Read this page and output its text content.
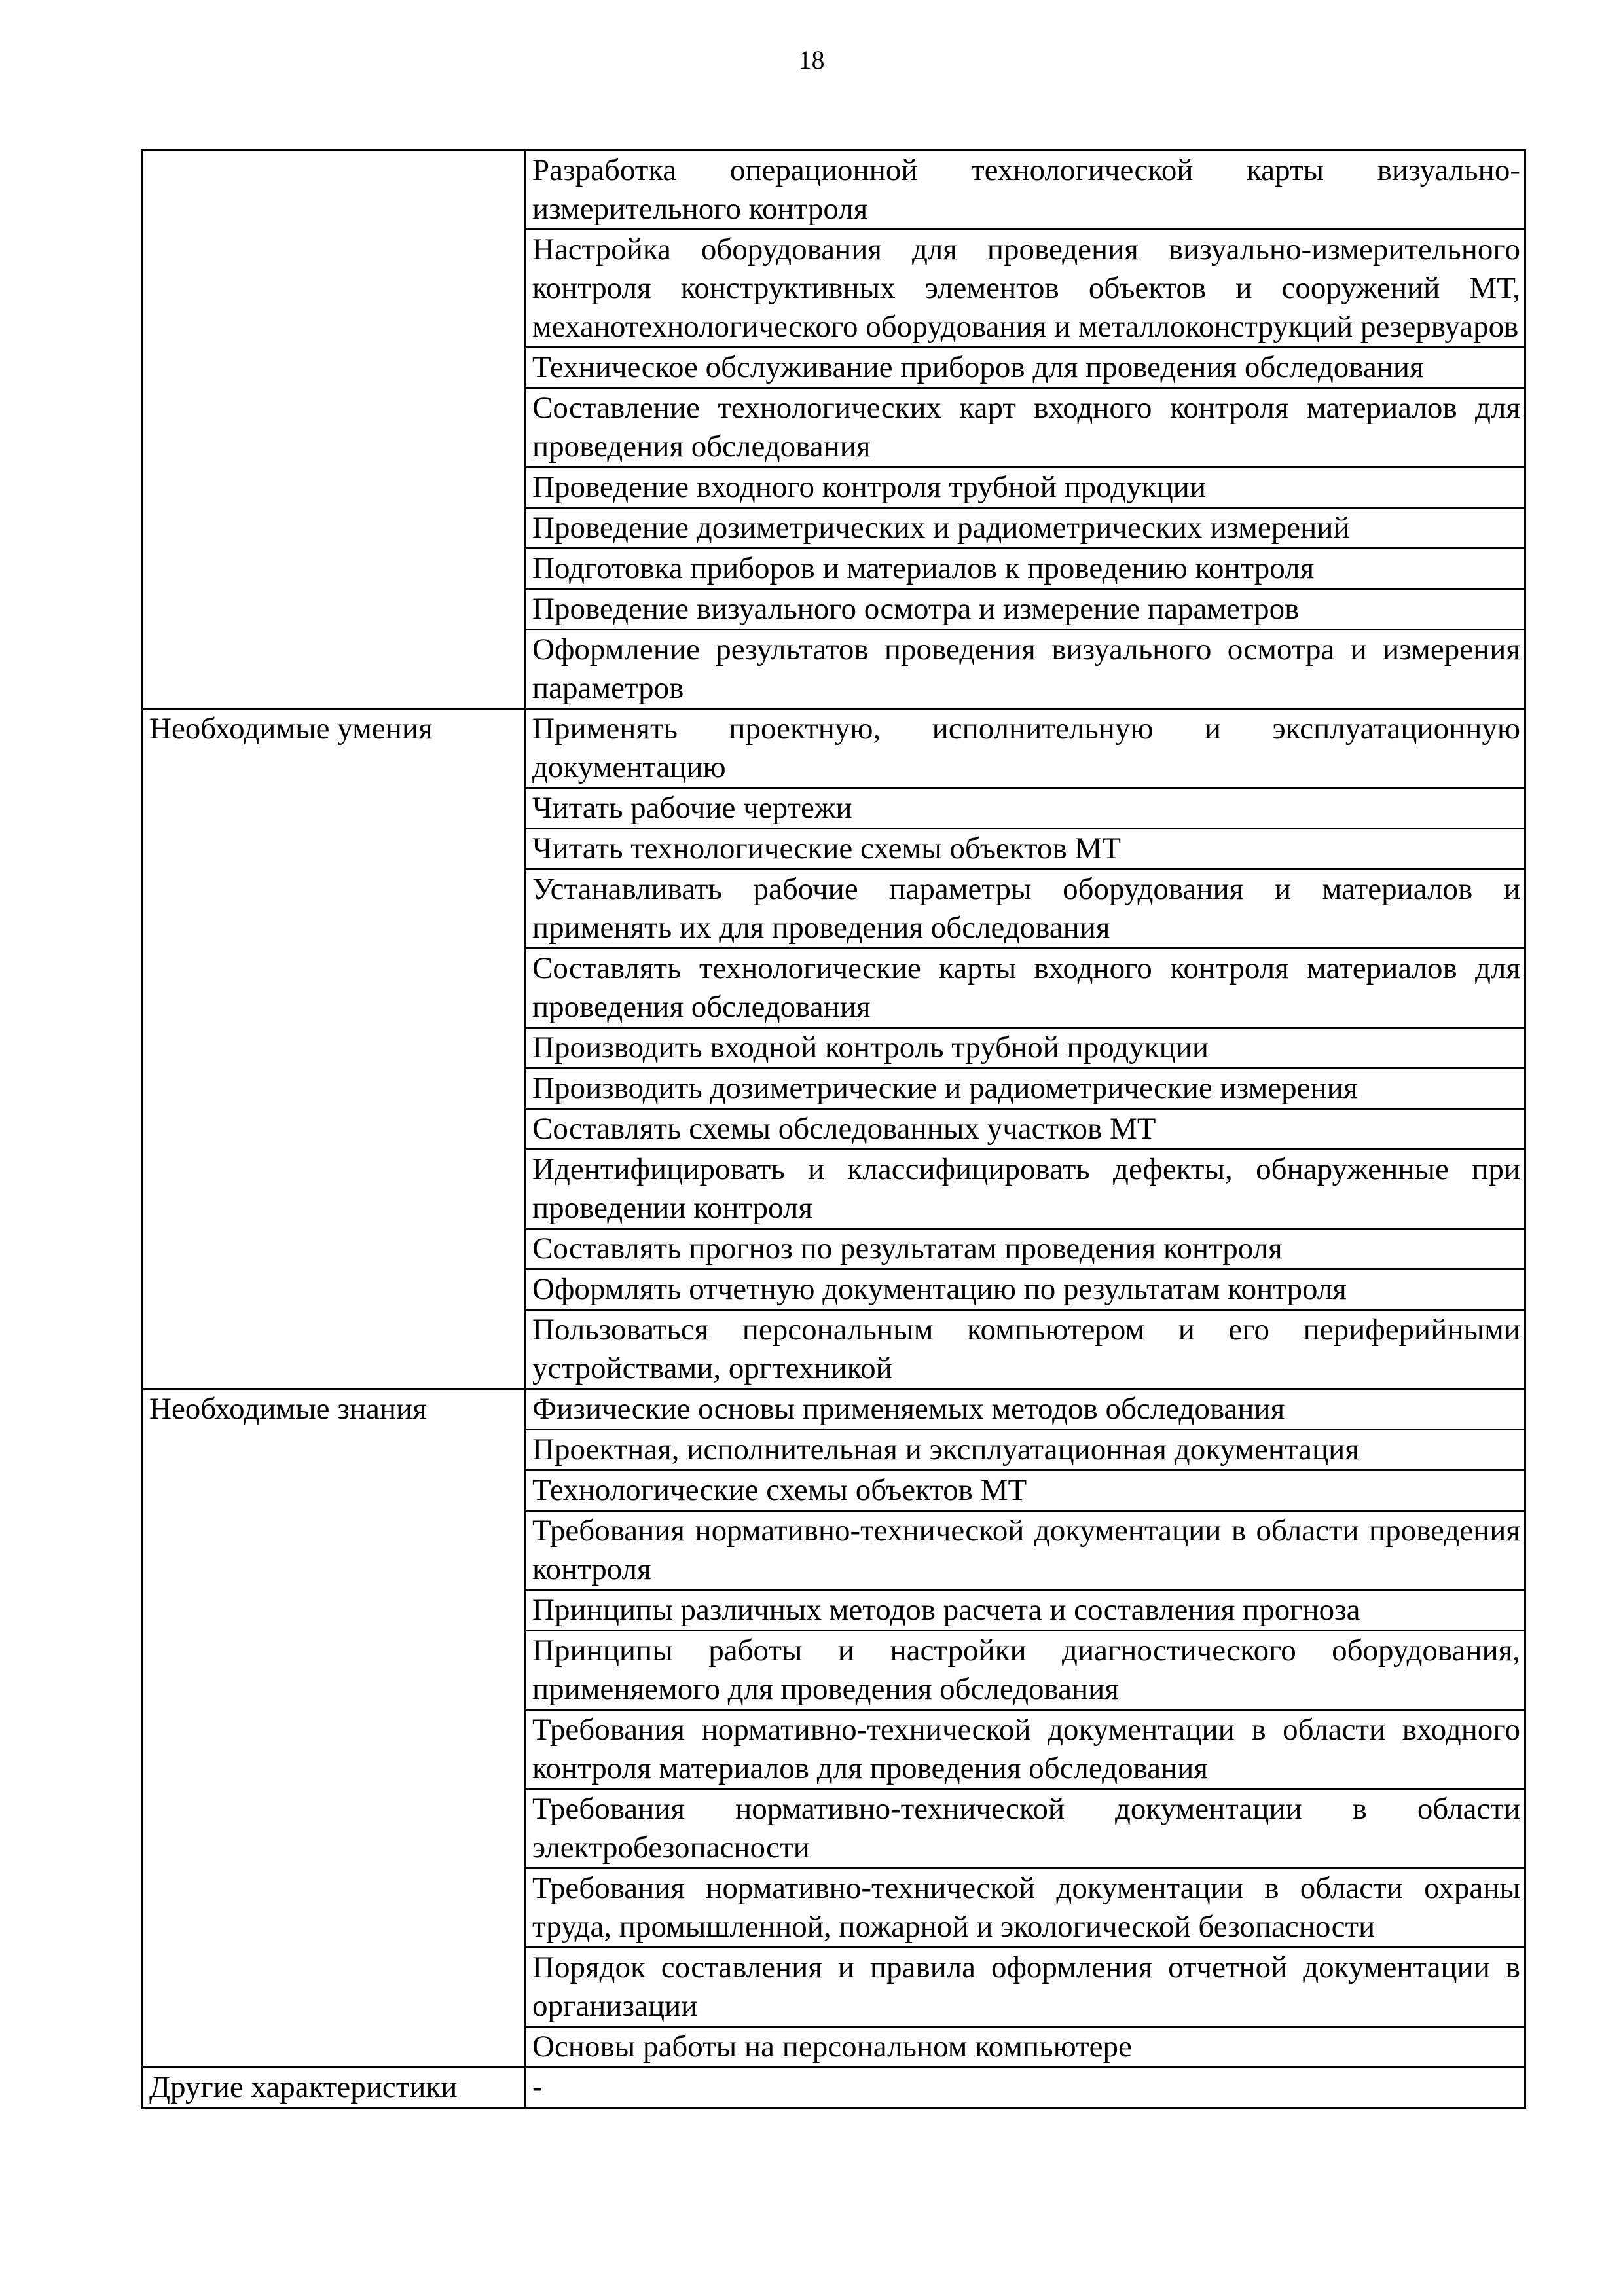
18
	Разработка операционной технологической карты визуально-измерительного контроля
	Настройка оборудования для проведения визуально-измерительного контроля конструктивных элементов объектов и сооружений МТ, механотехнологического оборудования и металлоконструкций резервуаров
	Техническое обслуживание приборов для проведения обследования
	Составление технологических карт входного контроля материалов для проведения обследования
	Проведение входного контроля трубной продукции
	Проведение дозиметрических и радиометрических измерений
	Подготовка приборов и материалов к проведению контроля
	Проведение визуального осмотра и измерение параметров
	Оформление результатов проведения визуального осмотра и измерения параметров
Необходимые умения	Применять проектную, исполнительную и эксплуатационную документацию
	Читать рабочие чертежи
	Читать технологические схемы объектов МТ
	Устанавливать рабочие параметры оборудования и материалов и применять их для проведения обследования
	Составлять технологические карты входного контроля материалов для проведения обследования
	Производить входной контроль трубной продукции
	Производить дозиметрические и радиометрические измерения
	Составлять схемы обследованных участков МТ
	Идентифицировать и классифицировать дефекты, обнаруженные при проведении контроля
	Составлять прогноз по результатам проведения контроля
	Оформлять отчетную документацию по результатам контроля
	Пользоваться персональным компьютером и его периферийными устройствами, оргтехникой
Необходимые знания	Физические основы применяемых методов обследования
	Проектная, исполнительная и эксплуатационная документация
	Технологические схемы объектов МТ
	Требования нормативно-технической документации в области проведения контроля
	Принципы различных методов расчета и составления прогноза
	Принципы работы и настройки диагностического оборудования, применяемого для проведения обследования
	Требования нормативно-технической документации в области входного контроля материалов для проведения обследования
	Требования нормативно-технической документации в области электробезопасности
	Требования нормативно-технической документации в области охраны труда, промышленной, пожарной и экологической безопасности
	Порядок составления и правила оформления отчетной документации в организации
	Основы работы на персональном компьютере
Другие характеристики	-
